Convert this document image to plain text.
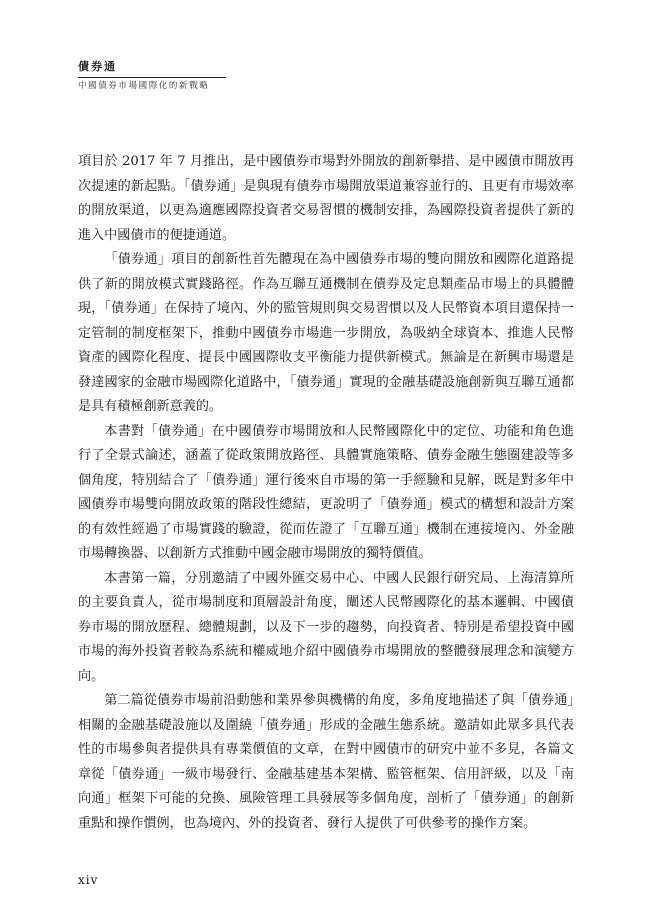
債券通
中國債券市場國際化的新戰略

項目於 2017 年 7 月推出，是中國債券市場對外開放的創新舉措、是中國債市開放再次提速的新起點。「債券通」是與現有債券市場開放渠道兼容並行的、且更有市場效率的開放渠道，以更為適應國際投資者交易習慣的機制安排，為國際投資者提供了新的進入中國債市的便捷通道。

「債券通」項目的創新性首先體現在為中國債券市場的雙向開放和國際化道路提供了新的開放模式實踐路徑。作為互聯互通機制在債券及定息類產品市場上的具體體現，「債券通」在保持了境內、外的監管規則與交易習慣以及人民幣資本項目還保持一定管制的制度框架下，推動中國債券市場進一步開放，為吸納全球資本、推進人民幣資產的國際化程度、提長中國國際收支平衡能力提供新模式。無論是在新興市場還是發達國家的金融市場國際化道路中，「債券通」實現的金融基礎設施創新與互聯互通都是具有積極創新意義的。

本書對「債券通」在中國債券市場開放和人民幣國際化中的定位、功能和角色進行了全景式論述，涵蓋了從政策開放路徑、具體實施策略、債券金融生態圈建設等多個角度，特別結合了「債券通」運行後來自市場的第一手經驗和見解，既是對多年中國債券市場雙向開放政策的階段性總結，更說明了「債券通」模式的構想和設計方案的有效性經過了市場實踐的驗證，從而佐證了「互聯互通」機制在連接境內、外金融市場轉換器、以創新方式推動中國金融市場開放的獨特價值。

本書第一篇，分別邀請了中國外匯交易中心、中國人民銀行研究局、上海清算所的主要負責人，從市場制度和頂層設計角度，闡述人民幣國際化的基本邏輯、中國債券市場的開放歷程、總體規劃，以及下一步的趨勢，向投資者、特別是希望投資中國市場的海外投資者較為系統和權威地介紹中國債券市場開放的整體發展理念和演變方向。

第二篇從債券市場前沿動態和業界參與機構的角度，多角度地描述了與「債券通」相關的金融基礎設施以及圍繞「債券通」形成的金融生態系統。邀請如此眾多具代表性的市場參與者提供具有專業價值的文章，在對中國債市的研究中並不多見，各篇文章從「債券通」一級市場發行、金融基建基本架構、監管框架、信用評級，以及「南向通」框架下可能的兌換、風險管理工具發展等多個角度，剖析了「債券通」的創新重點和操作慣例，也為境內、外的投資者、發行人提供了可供參考的操作方案。

xiv
